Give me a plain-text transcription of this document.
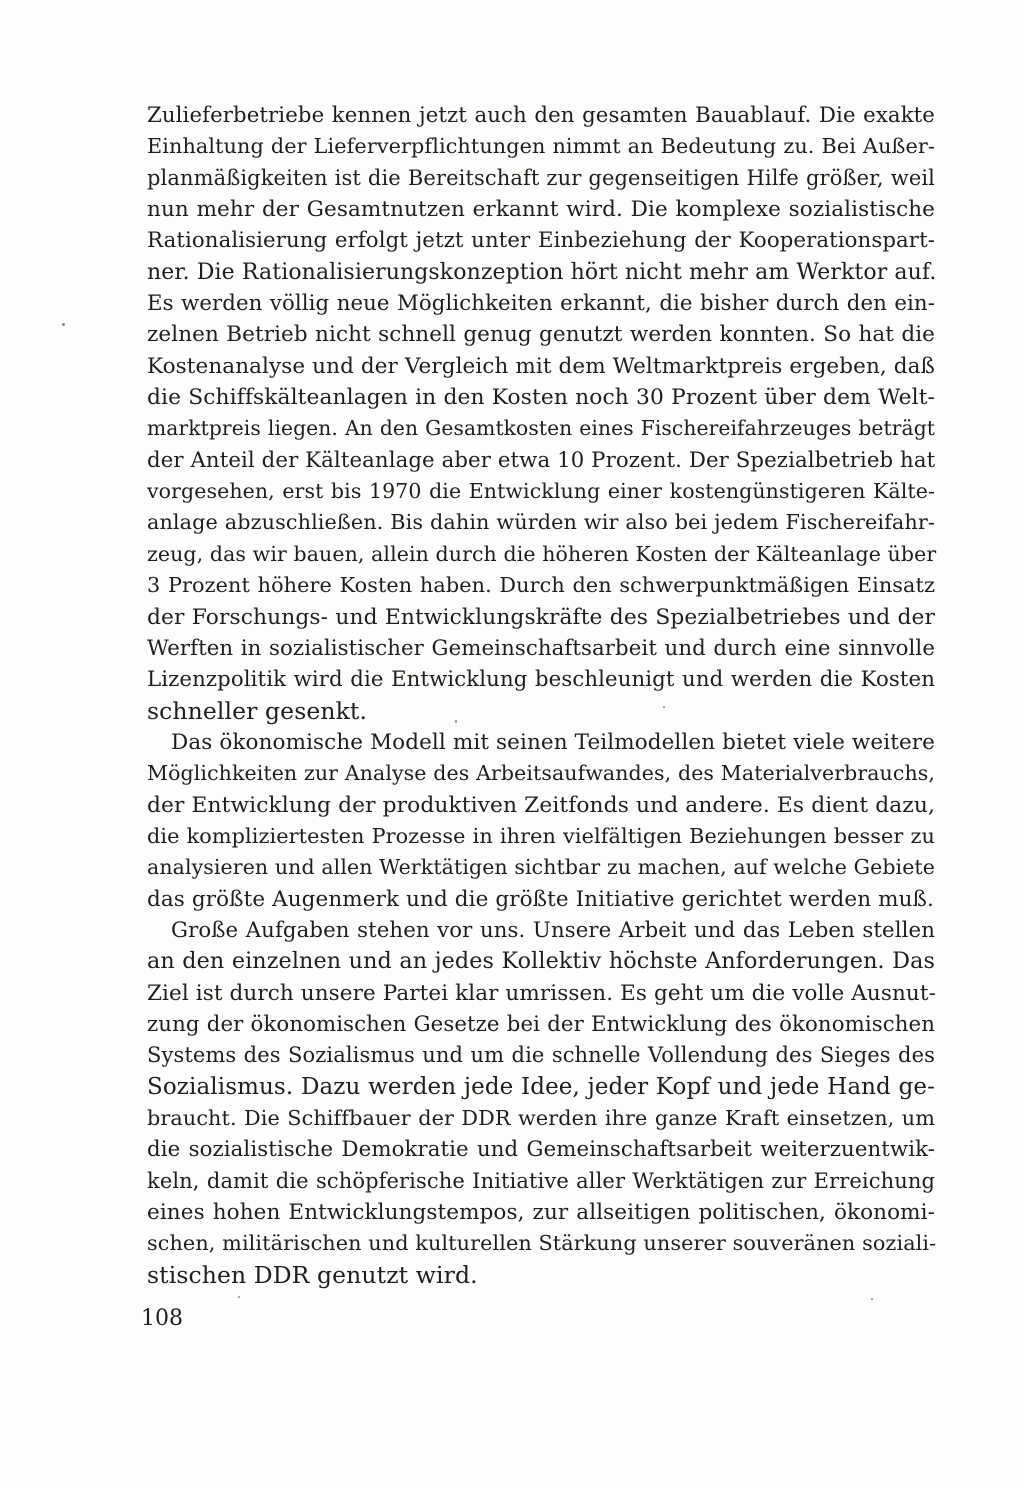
Zulieferbetriebe kennen jetzt auch den gesamten Bauablauf. Die exakte
Einhaltung der Lieferverpflichtungen nimmt an Bedeutung zu. Bei Außer-
planmäßigkeiten ist die Bereitschaft zur gegenseitigen Hilfe größer, weil
nun mehr der Gesamtnutzen erkannt wird. Die komplexe sozialistische
Rationalisierung erfolgt jetzt unter Einbeziehung der Kooperationspart-
ner. Die Rationalisierungskonzeption hört nicht mehr am Werktor auf.
Es werden völlig neue Möglichkeiten erkannt, die bisher durch den ein-
zelnen Betrieb nicht schnell genug genutzt werden konnten. So hat die
Kostenanalyse und der Vergleich mit dem Weltmarktpreis ergeben, daß
die Schiffskälteanlagen in den Kosten noch 30 Prozent über dem Welt-
marktpreis liegen. An den Gesamtkosten eines Fischereifahrzeuges beträgt
der Anteil der Kälteanlage aber etwa 10 Prozent. Der Spezialbetrieb hat
vorgesehen, erst bis 1970 die Entwicklung einer kostengünstigeren Kälte-
anlage abzuschließen. Bis dahin würden wir also bei jedem Fischereifahr-
zeug, das wir bauen, allein durch die höheren Kosten der Kälteanlage über
3 Prozent höhere Kosten haben. Durch den schwerpunktmäßigen Einsatz
der Forschungs- und Entwicklungskräfte des Spezialbetriebes und der
Werften in sozialistischer Gemeinschaftsarbeit und durch eine sinnvolle
Lizenzpolitik wird die Entwicklung beschleunigt und werden die Kosten
schneller gesenkt.
Das ökonomische Modell mit seinen Teilmodellen bietet viele weitere
Möglichkeiten zur Analyse des Arbeitsaufwandes, des Materialverbrauchs,
der Entwicklung der produktiven Zeitfonds und andere. Es dient dazu,
die kompliziertesten Prozesse in ihren vielfältigen Beziehungen besser zu
analysieren und allen Werktätigen sichtbar zu machen, auf welche Gebiete
das größte Augenmerk und die größte Initiative gerichtet werden muß.
Große Aufgaben stehen vor uns. Unsere Arbeit und das Leben stellen
an den einzelnen und an jedes Kollektiv höchste Anforderungen. Das
Ziel ist durch unsere Partei klar umrissen. Es geht um die volle Ausnut-
zung der ökonomischen Gesetze bei der Entwicklung des ökonomischen
Systems des Sozialismus und um die schnelle Vollendung des Sieges des
Sozialismus. Dazu werden jede Idee, jeder Kopf und jede Hand ge-
braucht. Die Schiffbauer der DDR werden ihre ganze Kraft einsetzen, um
die sozialistische Demokratie und Gemeinschaftsarbeit weiterzuentwik-
keln, damit die schöpferische Initiative aller Werktätigen zur Erreichung
eines hohen Entwicklungstempos, zur allseitigen politischen, ökonomi-
schen, militärischen und kulturellen Stärkung unserer souveränen soziali-
stischen DDR genutzt wird.
108
